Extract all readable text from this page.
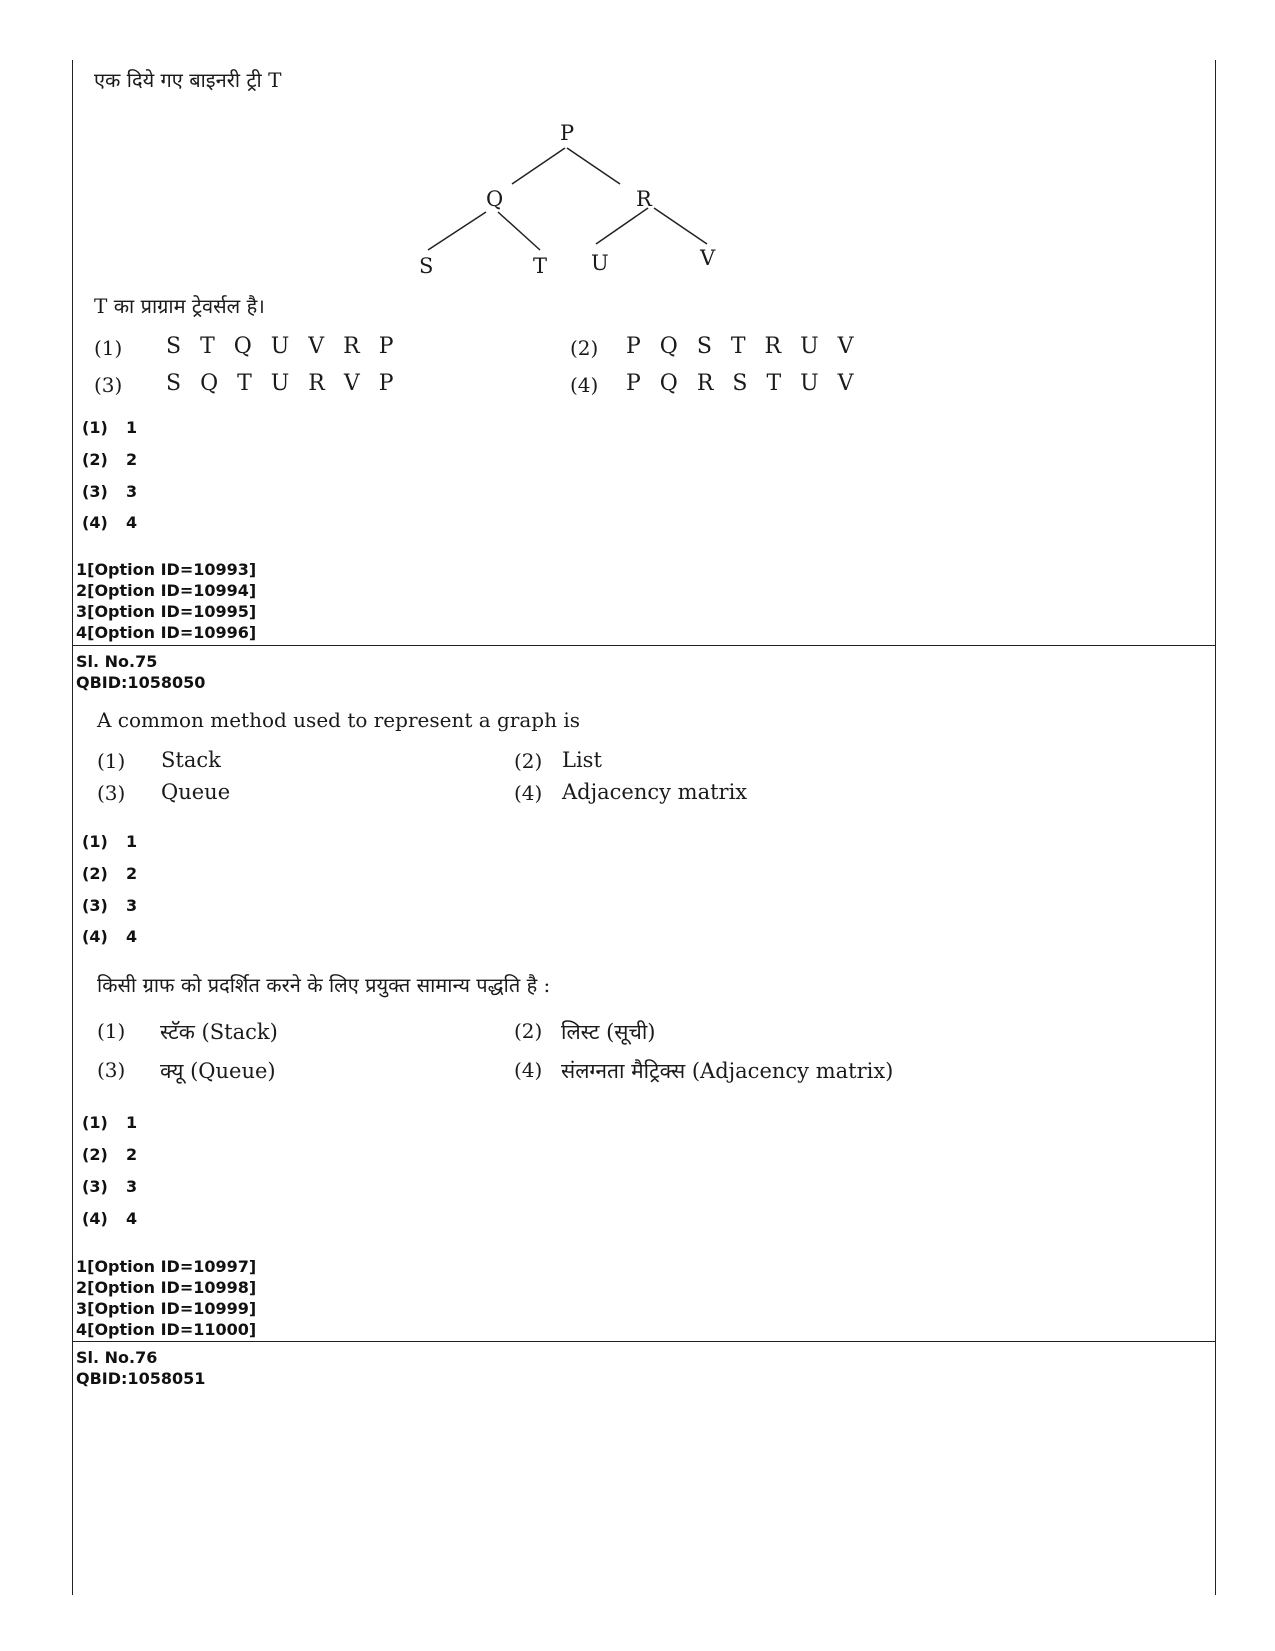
एक दिये गए बाइनरी ट्री T
P
Q	R
S	T U	V
T का प्राग्राम ट्रेवर्सल है।
(1) S T Q U V R P	(2) P Q S T R U V
(3) S Q T U R V P	(4) P Q R S T U V
(1) 1
(2) 2
(3) 3
(4) 4
1[Option ID=10993]
2[Option ID=10994]
3[Option ID=10995]
4[Option ID=10996]
Sl. No.75
QBID:1058050
A common method used to represent a graph is
(1) Stack	(2) List
(3) Queue	(4) Adjacency matrix
(1) 1
(2) 2
(3) 3
(4) 4
किसी ग्राफ को प्रदर्शित करने के लिए प्रयुक्त सामान्य पद्धति है :
(1) स्टॅक (Stack)	(2) लिस्ट (सूची)
(3) क्यू (Queue)	(4) संलग्नता मैट्रिक्स (Adjacency matrix)
(1) 1
(2) 2
(3) 3
(4) 4
1[Option ID=10997]
2[Option ID=10998]
3[Option ID=10999]
4[Option ID=11000]
Sl. No.76
QBID:1058051
